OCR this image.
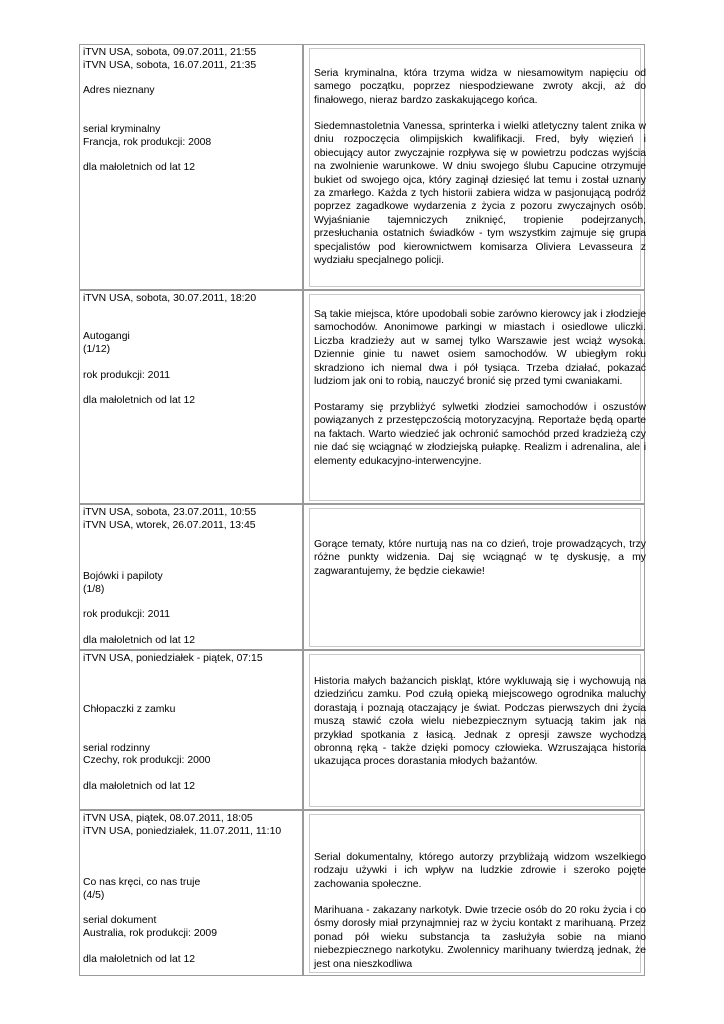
iTVN USA, sobota, 09.07.2011, 21:55
iTVN USA, sobota, 16.07.2011, 21:35
Adres nieznany
serial kryminalny
Francja, rok produkcji: 2008
dla małoletnich od lat 12
Seria kryminalna, która trzyma widza w niesamowitym napięciu od samego początku, poprzez niespodziewane zwroty akcji, aż do finałowego, nieraz bardzo zaskakującego końca.
Siedemnastoletnia Vanessa, sprinterka i wielki atletyczny talent znika w dniu rozpoczęcia olimpijskich kwalifikacji. Fred, były więzień i obiecujący autor zwyczajnie rozpływa się w powietrzu podczas wyjścia na zwolnienie warunkowe. W dniu swojego ślubu Capucine otrzymuje bukiet od swojego ojca, który zaginął dziesięć lat temu i został uznany za zmarłego. Każda z tych historii zabiera widza w pasjonującą podróż poprzez zagadkowe wydarzenia z życia z pozoru zwyczajnych osób. Wyjaśnianie tajemniczych zniknięć, tropienie podejrzanych, przesłuchania ostatnich świadków - tym wszystkim zajmuje się grupa specjalistów pod kierownictwem komisarza Oliviera Levasseura z wydziału specjalnego policji.
iTVN USA, sobota, 30.07.2011, 18:20
Autogangi
(1/12)
rok produkcji: 2011
dla małoletnich od lat 12
Są takie miejsca, które upodobali sobie zarówno kierowcy jak i złodzieje samochodów. Anonimowe parkingi w miastach i osiedlowe uliczki. Liczba kradzieży aut w samej tylko Warszawie jest wciąż wysoka. Dziennie ginie tu nawet osiem samochodów. W ubiegłym roku skradziono ich niemal dwa i pół tysiąca. Trzeba działać, pokazać ludziom jak oni to robią, nauczyć bronić się przed tymi cwaniakami.
Postaramy się przybliżyć sylwetki złodziei samochodów i oszustów powiązanych z przestępczością motoryzacyjną. Reportaże będą oparte na faktach. Warto wiedzieć jak ochronić samochód przed kradzieżą czy nie dać się wciągnąć w złodziejską pułapkę. Realizm i adrenalina, ale i elementy edukacyjno-interwencyjne.
iTVN USA, sobota, 23.07.2011, 10:55
iTVN USA, wtorek, 26.07.2011, 13:45
Bojówki i papiloty
(1/8)
rok produkcji: 2011
dla małoletnich od lat 12
Gorące tematy, które nurtują nas na co dzień, troje prowadzących, trzy różne punkty widzenia. Daj się wciągnąć w tę dyskusję, a my zagwarantujemy, że będzie ciekawie!
iTVN USA, poniedziałek - piątek, 07:15
Chłopaczki z zamku
serial rodzinny
Czechy, rok produkcji: 2000
dla małoletnich od lat 12
Historia małych bażancich piskląt, które wykluwają się i wychowują na dziedzińcu zamku. Pod czułą opieką miejscowego ogrodnika maluchy dorastają i poznają otaczający je świat. Podczas pierwszych dni życia muszą stawić czoła wielu niebezpiecznym sytuacją takim jak na przykład spotkania z łasicą. Jednak z opresji zawsze wychodzą obronną ręką - także dzięki pomocy człowieka. Wzruszająca historia ukazująca proces dorastania młodych bażantów.
iTVN USA, piątek, 08.07.2011, 18:05
iTVN USA, poniedziałek, 11.07.2011, 11:10
Co nas kręci, co nas truje
(4/5)
serial dokument
Australia, rok produkcji: 2009
dla małoletnich od lat 12
Serial dokumentalny, którego autorzy przybliżają widzom wszelkiego rodzaju używki i ich wpływ na ludzkie zdrowie i szeroko pojęte zachowania społeczne.
Marihuana - zakazany narkotyk. Dwie trzecie osób do 20 roku życia i co ósmy dorosły miał przynajmniej raz w życiu kontakt z marihuaną. Przez ponad pół wieku substancja ta zasłużyła sobie na miano niebezpiecznego narkotyku. Zwolennicy marihuany twierdzą jednak, że jest ona nieszkodliwa
